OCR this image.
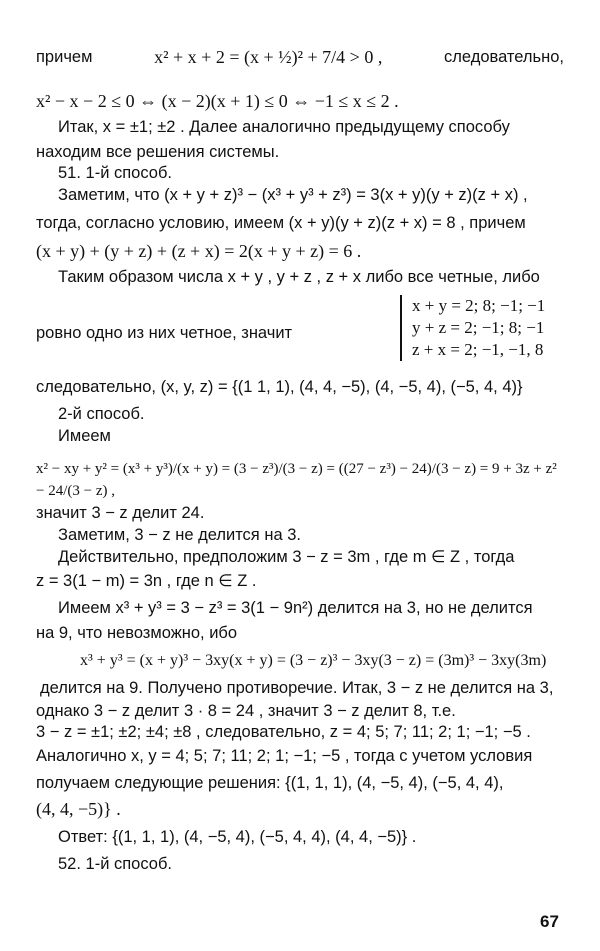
причем	x² + x + 2 = (x + ½)² + 7/4 > 0 ,	следовательно,
x² − x − 2 ≤ 0 ⇔ (x − 2)(x + 1) ≤ 0 ⇔ −1 ≤ x ≤ 2 .
Итак, x = ±1; ±2 . Далее аналогично предыдущему способу
находим все решения системы.
51. 1-й способ.
Заметим, что (x + y + z)³ − (x³ + y³ + z³) = 3(x + y)(y + z)(z + x) ,
тогда, согласно условию, имеем (x + y)(y + z)(z + x) = 8 , причем
(x + y) + (y + z) + (z + x) = 2(x + y + z) = 6 .
Таким образом числа x + y , y + z , z + x либо все четные, либо
ровно одно из них четное, значит
x + y = 2; 8; −1; −1
y + z = 2; −1; 8; −1
z + x = 2; −1, −1, 8
следовательно, (x, y, z) = {(1 1, 1), (4, 4, −5), (4, −5, 4), (−5, 4, 4)}
2-й способ.
Имеем
x² − xy + y² = (x³ + y³)/(x + y) = (3 − z³)/(3 − z) = ((27 − z³) − 24)/(3 − z) = 9 + 3z + z² − 24/(3 − z) ,
значит 3 − z делит 24.
Заметим, 3 − z не делится на 3.
Действительно, предположим 3 − z = 3m , где m ∈ Z , тогда
z = 3(1 − m) = 3n , где n ∈ Z .
Имеем x³ + y³ = 3 − z³ = 3(1 − 9n²) делится на 3, но не делится
на 9, что невозможно, ибо
x³ + y³ = (x + y)³ − 3xy(x + y) = (3 − z)³ − 3xy(3 − z) = (3m)³ − 3xy(3m)
делится на 9. Получено противоречие. Итак, 3 − z не делится на 3,
однако 3 − z делит 3 · 8 = 24 , значит 3 − z делит 8, т.е.
3 − z = ±1; ±2; ±4; ±8 , следовательно, z = 4; 5; 7; 11; 2; 1; −1; −5 .
Аналогично x, y = 4; 5; 7; 11; 2; 1; −1; −5 , тогда с учетом условия
получаем следующие решения: {(1, 1, 1), (4, −5, 4), (−5, 4, 4),
(4, 4, −5)} .
Ответ: {(1, 1, 1), (4, −5, 4), (−5, 4, 4), (4, 4, −5)} .
52. 1-й способ.
67
